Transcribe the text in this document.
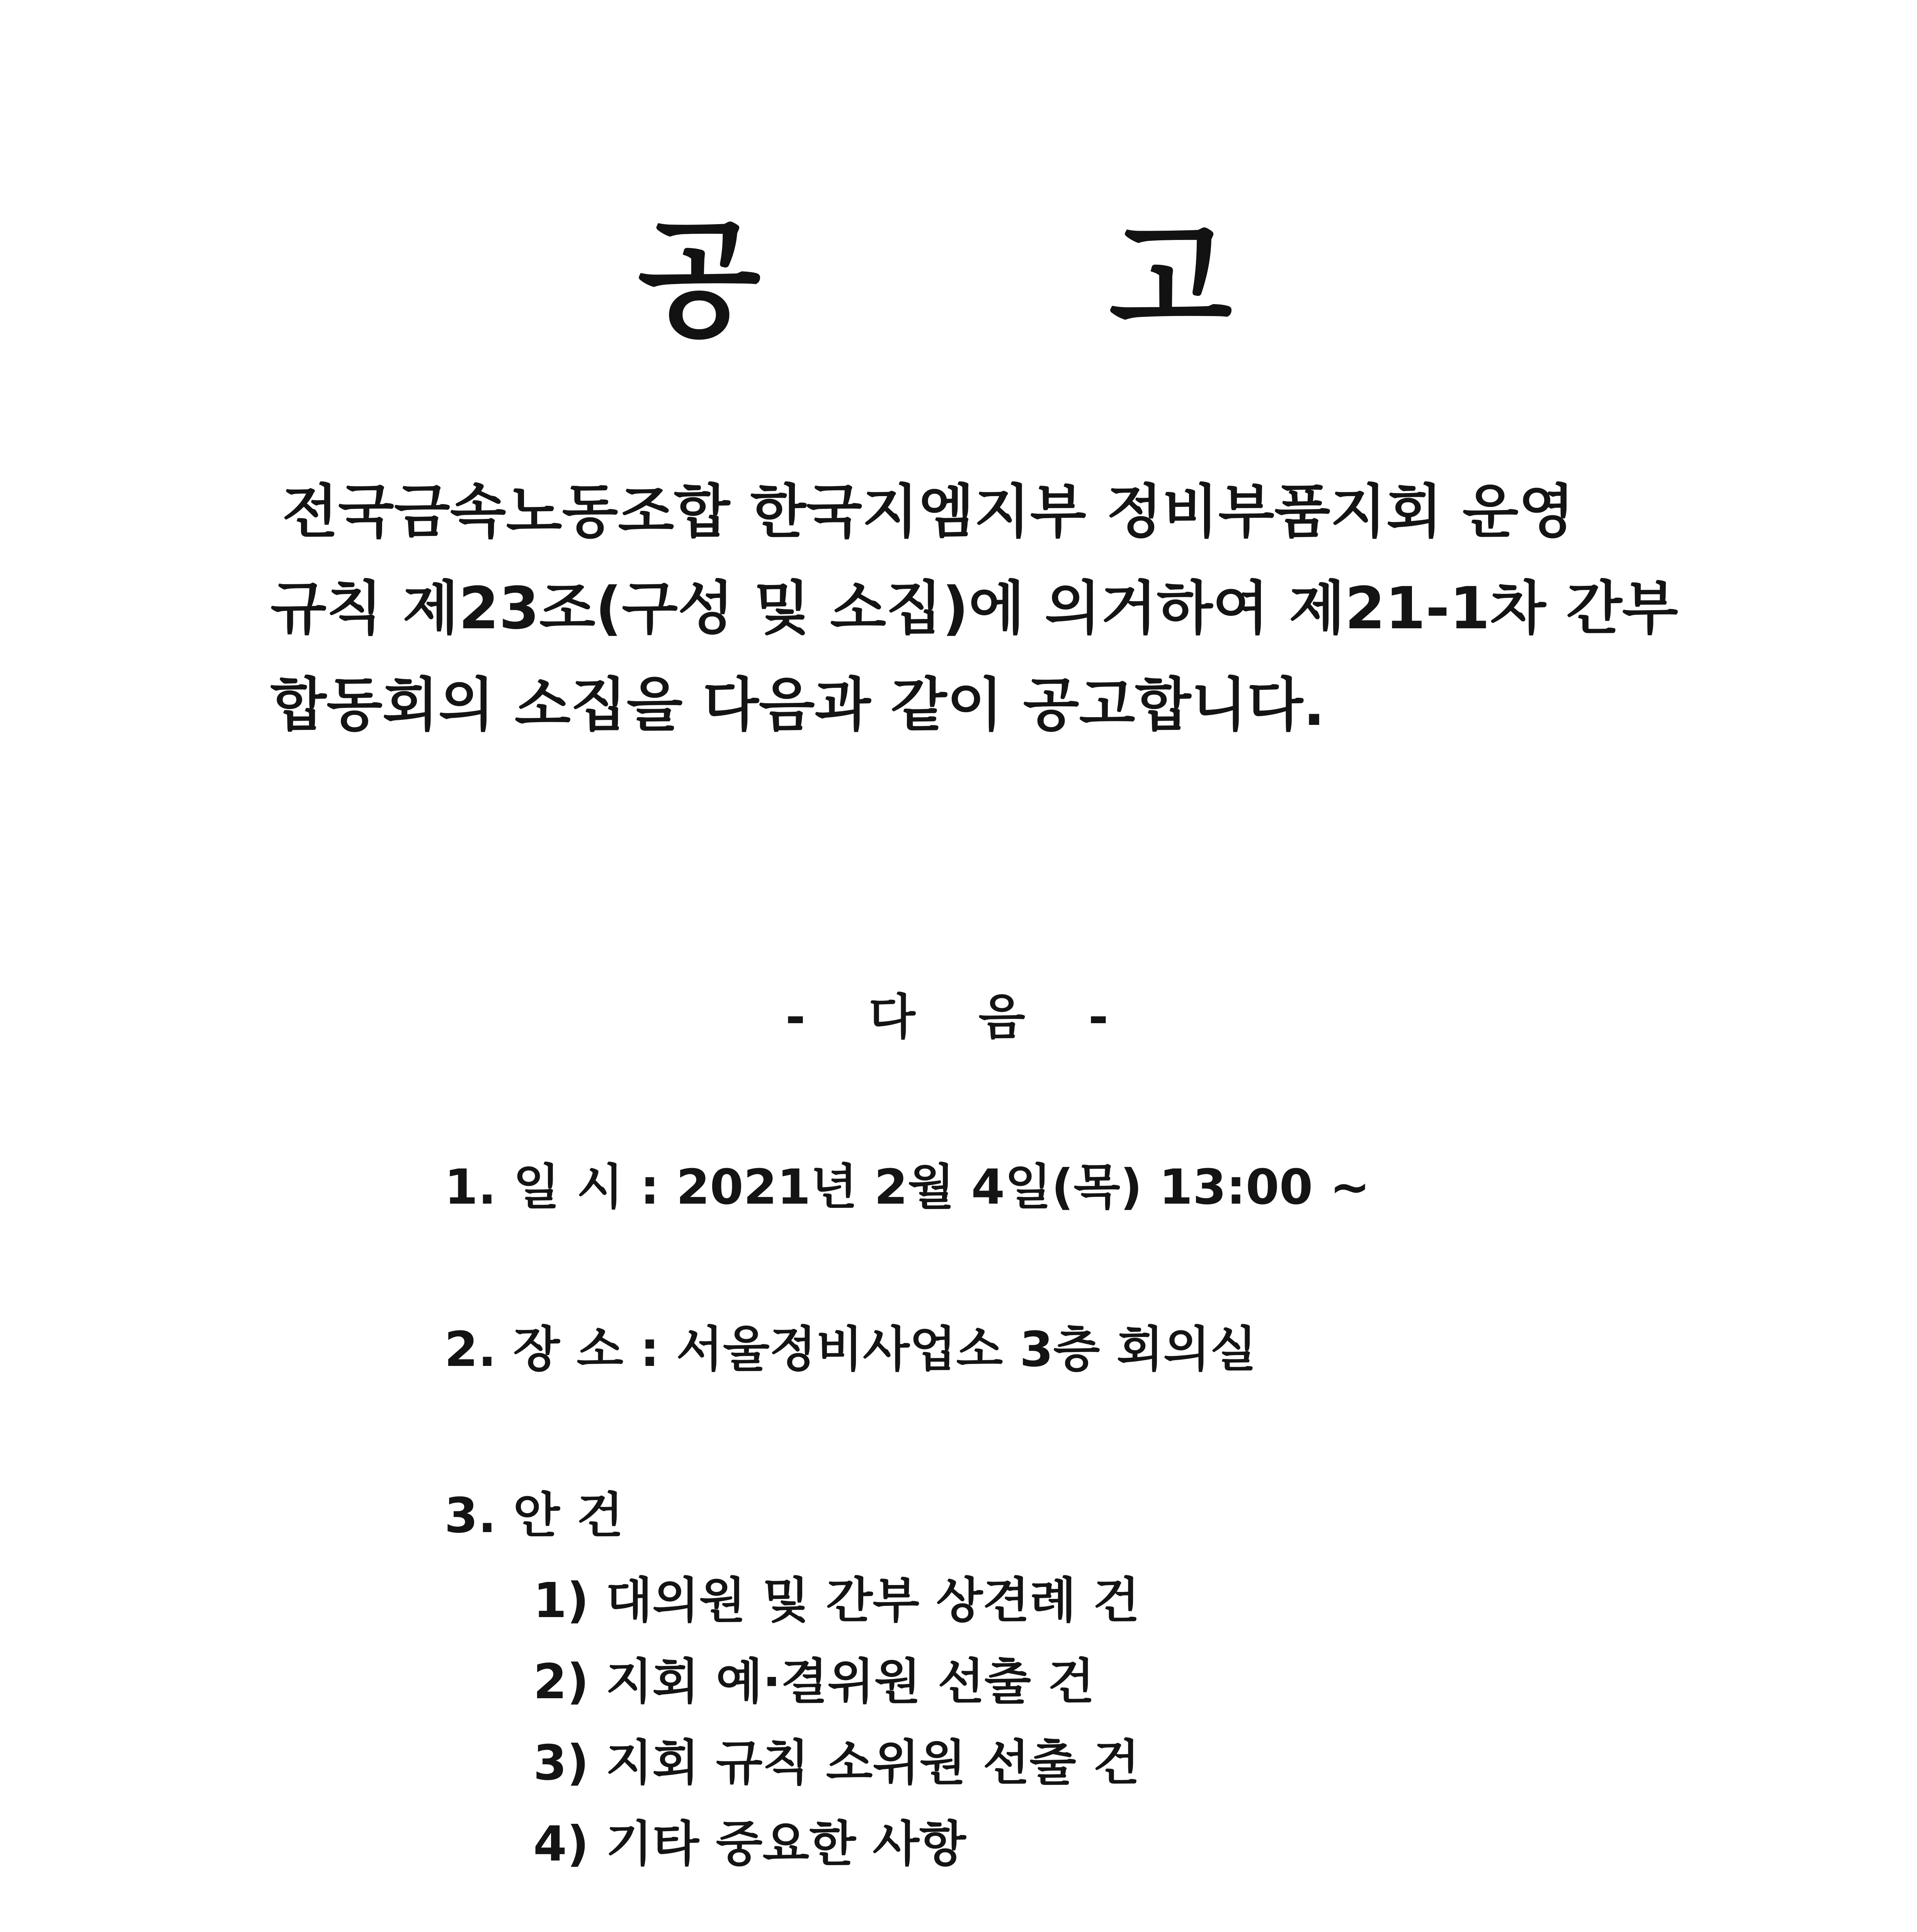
공	고
전국금속노동조합 한국지엠지부 정비부품지회 운영
규칙 제23조(구성 및 소집)에 의거하여 제21-1차 간부
합동회의 소집을 다음과 같이 공고합니다.
- 다 음 -
1. 일 시 : 2021년 2월 4일(목) 13:00 ~
2. 장 소 : 서울정비사업소 3층 회의실
3. 안 건
1) 대의원 및 간부 상견례 건
2) 지회 예·결위원 선출 건
3) 지회 규칙 소위원 선출 건
4) 기타 중요한 사항
